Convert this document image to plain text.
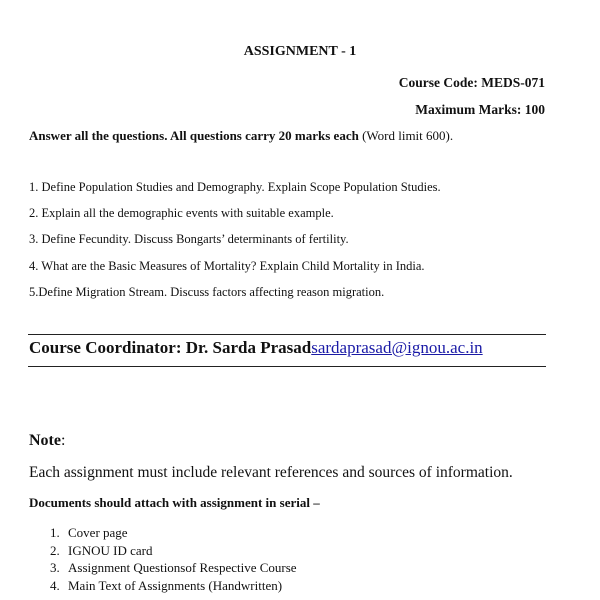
ASSIGNMENT - 1
Course Code: MEDS-071
Maximum Marks: 100
Answer all the questions. All questions carry 20 marks each (Word limit 600).
1. Define Population Studies and Demography. Explain Scope Population Studies.
2. Explain all the demographic events with suitable example.
3. Define Fecundity. Discuss Bongarts’ determinants of fertility.
4. What are the Basic Measures of Mortality? Explain Child Mortality in India.
5.Define Migration Stream. Discuss factors affecting reason migration.
Course Coordinator: Dr. Sarda Prasadsardaprasad@ignou.ac.in
Note:
Each assignment must include relevant references and sources of information.
Documents should attach with assignment in serial –
1. Cover page
2. IGNOU ID card
3. Assignment Questionsof Respective Course
4. Main Text of Assignments (Handwritten)
